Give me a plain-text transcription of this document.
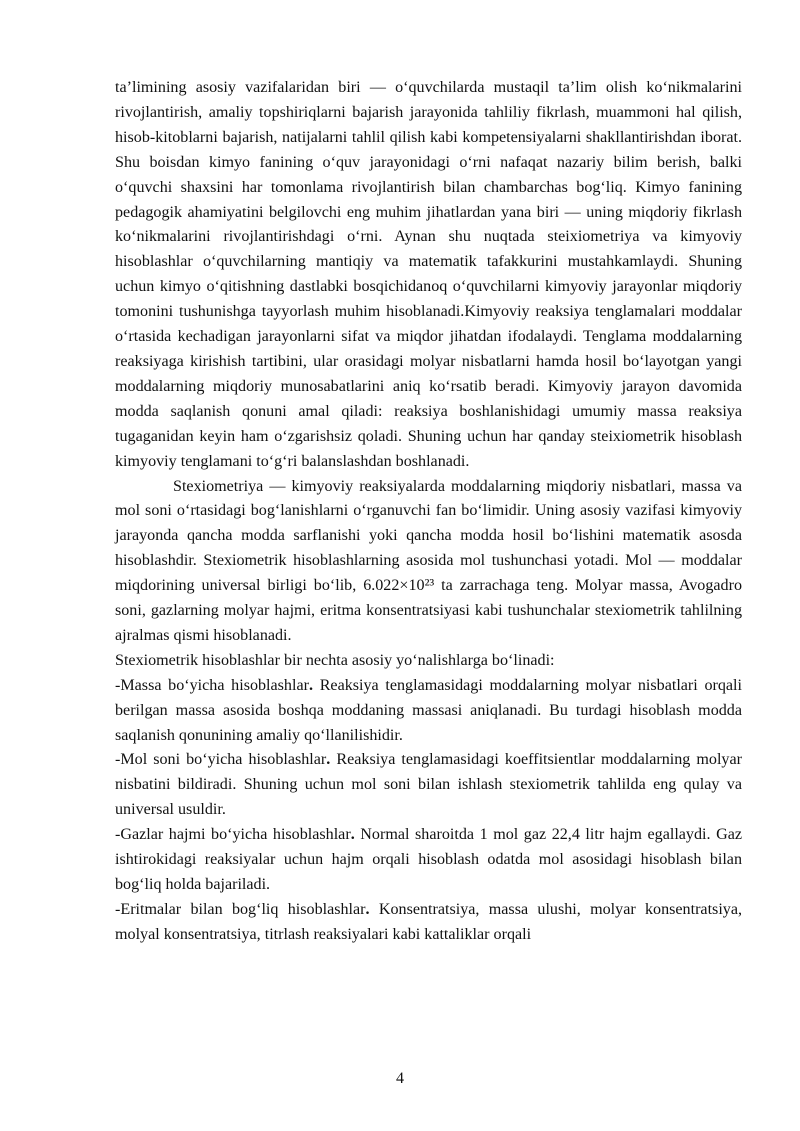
ta’limining asosiy vazifalaridan biri — o‘quvchilarda mustaqil ta’lim olish ko‘nikmalarini rivojlantirish, amaliy topshiriqlarni bajarish jarayonida tahliliy fikrlash, muammoni hal qilish, hisob-kitoblarni bajarish, natijalarni tahlil qilish kabi kompetensiyalarni shakllantirishdan iborat. Shu boisdan kimyo fanining o‘quv jarayonidagi o‘rni nafaqat nazariy bilim berish, balki o‘quvchi shaxsini har tomonlama rivojlantirish bilan chambarchas bog‘liq. Kimyo fanining pedagogik ahamiyatini belgilovchi eng muhim jihatlardan yana biri — uning miqdoriy fikrlash ko‘nikmalarini rivojlantirishdagi o‘rni. Aynan shu nuqtada steixiometriya va kimyoviy hisoblashlar o‘quvchilarning mantiqiy va matematik tafakkurini mustahkamlaydi. Shuning uchun kimyo o‘qitishning dastlabki bosqichidanoq o‘quvchilarni kimyoviy jarayonlar miqdoriy tomonini tushunishga tayyorlash muhim hisoblanadi.Kimyoviy reaksiya tenglamalari moddalar o‘rtasida kechadigan jarayonlarni sifat va miqdor jihatdan ifodalaydi. Tenglama moddalarning reaksiyaga kirishish tartibini, ular orasidagi molyar nisbatlarni hamda hosil bo‘layotgan yangi moddalarning miqdoriy munosabatlarini aniq ko‘rsatib beradi. Kimyoviy jarayon davomida modda saqlanish qonuni amal qiladi: reaksiya boshlanishidagi umumiy massa reaksiya tugaganidan keyin ham o‘zgarishsiz qoladi. Shuning uchun har qanday steixiometrik hisoblash kimyoviy tenglamani to‘g‘ri balanslashdan boshlanadi.

Stexiometriya — kimyoviy reaksiyalarda moddalarning miqdoriy nisbatlari, massa va mol soni o‘rtasidagi bog‘lanishlarni o‘rganuvchi fan bo‘limidir. Uning asosiy vazifasi kimyoviy jarayonda qancha modda sarflanishi yoki qancha modda hosil bo‘lishini matematik asosda hisoblashdir. Stexiometrik hisoblashlarning asosida mol tushunchasi yotadi. Mol — moddalar miqdorining universal birligi bo‘lib, 6.022×10²³ ta zarrachaga teng. Molyar massa, Avogadro soni, gazlarning molyar hajmi, eritma konsentratsiyasi kabi tushunchalar stexiometrik tahlilning ajralmas qismi hisoblanadi.

Stexiometrik hisoblashlar bir nechta asosiy yo‘nalishlarga bo‘linadi:

-Massa bo‘yicha hisoblashlar. Reaksiya tenglamasidagi moddalarning molyar nisbatlari orqali berilgan massa asosida boshqa moddaning massasi aniqlanadi. Bu turdagi hisoblash modda saqlanish qonunining amaliy qo‘llanilishidir.

-Mol soni bo‘yicha hisoblashlar. Reaksiya tenglamasidagi koeffitsientlar moddalarning molyar nisbatini bildiradi. Shuning uchun mol soni bilan ishlash stexiometrik tahlilda eng qulay va universal usuldir.

-Gazlar hajmi bo‘yicha hisoblashlar. Normal sharoitda 1 mol gaz 22,4 litr hajm egallaydi. Gaz ishtirokidagi reaksiyalar uchun hajm orqali hisoblash odatda mol asosidagi hisoblash bilan bog‘liq holda bajariladi.

-Eritmalar bilan bog‘liq hisoblashlar. Konsentratsiya, massa ulushi, molyar konsentratsiya, molyal konsentratsiya, titrlash reaksiyalari kabi kattaliklar orqali

4
